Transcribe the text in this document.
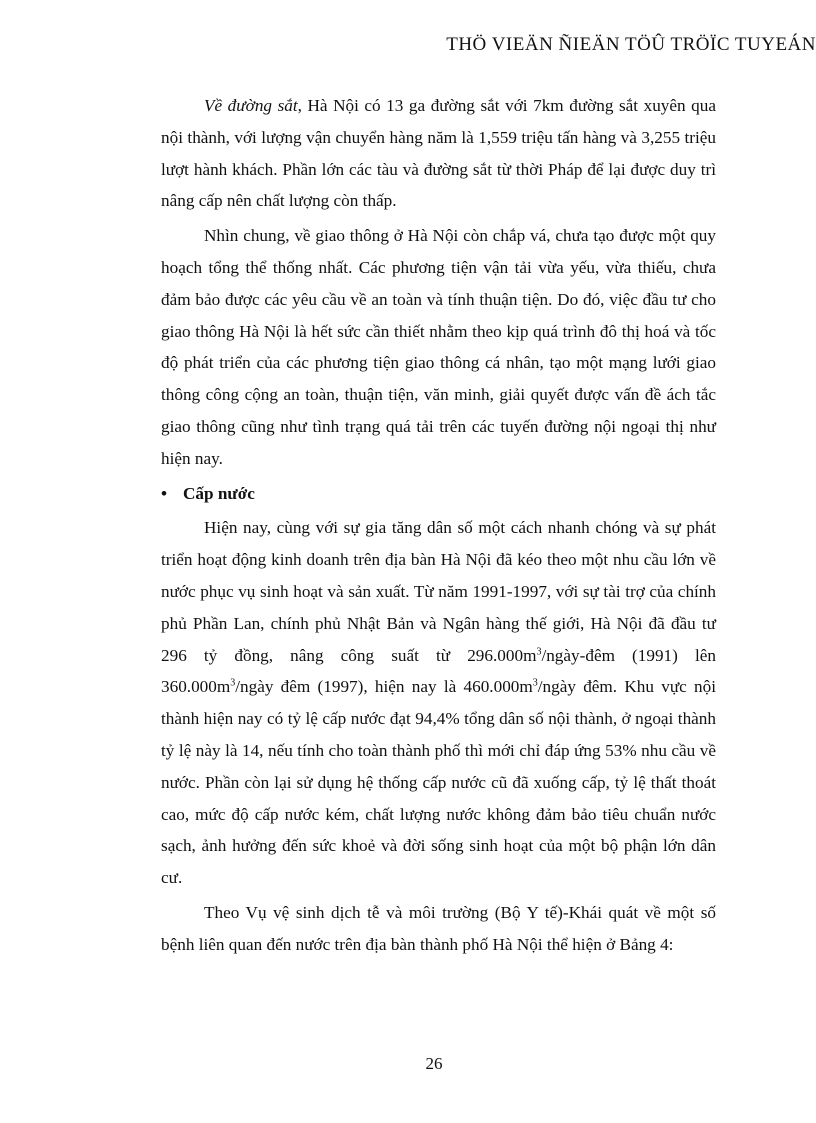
THÖ VIEÄN ÑIEÄN TÖÛ TRÖÏC TUYEÁN

Về đường sắt, Hà Nội có 13 ga đường sắt với 7km đường sắt xuyên qua nội thành, với lượng vận chuyển hàng năm là 1,559 triệu tấn hàng và 3,255 triệu lượt hành khách. Phần lớn các tàu và đường sắt từ thời Pháp để lại được duy trì nâng cấp nên chất lượng còn thấp.

Nhìn chung, về giao thông ở Hà Nội còn chắp vá, chưa tạo được một quy hoạch tổng thể thống nhất. Các phương tiện vận tải vừa yếu, vừa thiếu, chưa đảm bảo được các yêu cầu về an toàn và tính thuận tiện. Do đó, việc đầu tư cho giao thông Hà Nội là hết sức cần thiết nhằm theo kịp quá trình đô thị hoá và tốc độ phát triển của các phương tiện giao thông cá nhân, tạo một mạng lưới giao thông công cộng an toàn, thuận tiện, văn minh, giải quyết được vấn đề ách tắc giao thông cũng như tình trạng quá tải trên các tuyến đường nội ngoại thị như hiện nay.

• Cấp nước

Hiện nay, cùng với sự gia tăng dân số một cách nhanh chóng và sự phát triển hoạt động kinh doanh trên địa bàn Hà Nội đã kéo theo một nhu cầu lớn về nước phục vụ sinh hoạt và sản xuất. Từ năm 1991-1997, với sự tài trợ của chính phủ Phần Lan, chính phủ Nhật Bản và Ngân hàng thế giới, Hà Nội đã đầu tư 296 tỷ đồng, nâng công suất từ $296.000m^3/ngày$-đêm (1991) lên $360.000m^3$/ngày đêm (1997), hiện nay là $460.000m^3$/ngày đêm. Khu vực nội thành hiện nay có tỷ lệ cấp nước đạt 94,4% tổng dân số nội thành, ở ngoại thành tỷ lệ này là 14, nếu tính cho toàn thành phố thì mới chỉ đáp ứng 53% nhu cầu về nước. Phần còn lại sử dụng hệ thống cấp nước cũ đã xuống cấp, tỷ lệ thất thoát cao, mức độ cấp nước kém, chất lượng nước không đảm bảo tiêu chuẩn nước sạch, ảnh hưởng đến sức khoẻ và đời sống sinh hoạt của một bộ phận lớn dân cư.

Theo Vụ vệ sinh dịch tễ và môi trường (Bộ Y tế)-Khái quát về một số bệnh liên quan đến nước trên địa bàn thành phố Hà Nội thể hiện ở Bảng 4:

26
